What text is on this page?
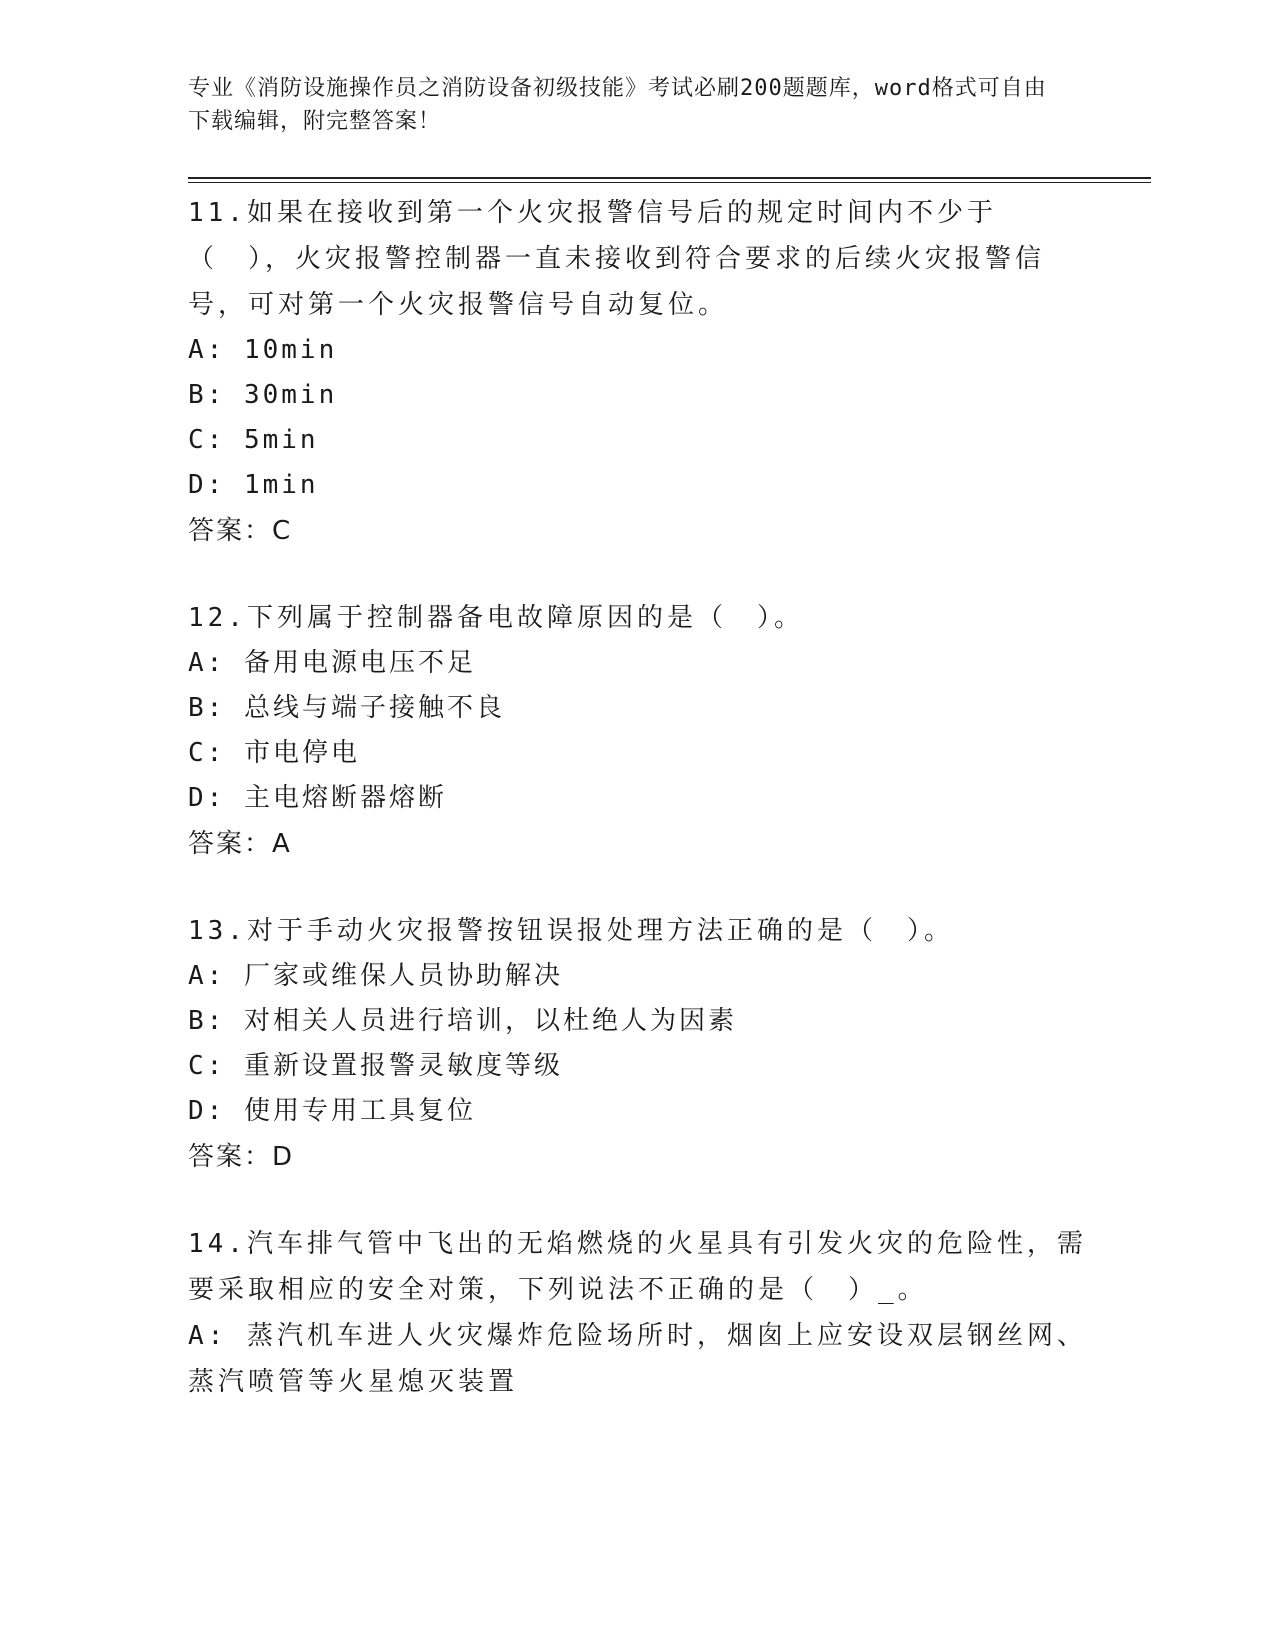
专业《消防设施操作员之消防设备初级技能》考试必刷200题题库，word格式可自由下载编辑，附完整答案！

11.如果在接收到第一个火灾报警信号后的规定时间内不少于（　），火灾报警控制器一直未接收到符合要求的后续火灾报警信号，可对第一个火灾报警信号自动复位。

A: 10min

B: 30min

C: 5min

D: 1min

答案：C

12.下列属于控制器备电故障原因的是（　）。

A: 备用电源电压不足

B: 总线与端子接触不良

C: 市电停电

D: 主电熔断器熔断

答案：A

13.对于手动火灾报警按钮误报处理方法正确的是（　）。

A: 厂家或维保人员协助解决

B: 对相关人员进行培训，以杜绝人为因素

C: 重新设置报警灵敏度等级

D: 使用专用工具复位

答案：D

14.汽车排气管中飞出的无焰燃烧的火星具有引发火灾的危险性，需要采取相应的安全对策，下列说法不正确的是（　）_。

A: 蒸汽机车进人火灾爆炸危险场所时，烟囱上应安设双层钢丝网、蒸汽喷管等火星熄灭装置
